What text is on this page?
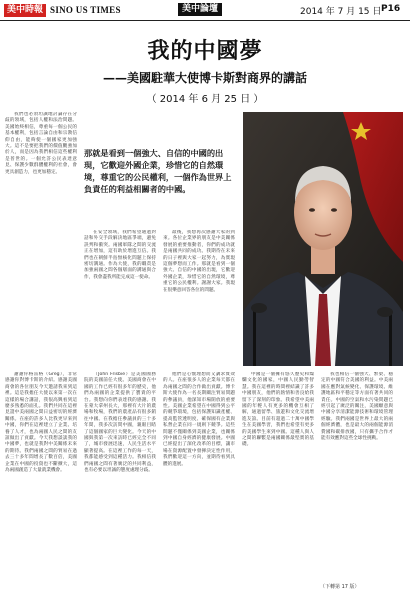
美中時報 SINO US TIMES	美中論壇	2014 年 7 月 15 日 P16
我的中國夢
——美國駐華大使博卡斯對商界的講話
（ 2014 年 6 月 25 日 ）
那就是看到一個強大、自信的中國的出現，它歡迎外國企業，珍惜它的自然環境，尊重它的公民權利，一個作為世界上負責任的利益相關者的中國。

謝謝你格雷格（Greg），非常感謝你對博卡斯的介紹。感謝美國商會的各位朋友今天邀請我來到這裡。這是我擔任大使以來第一次在這樣的場合講話，我很高興看到這麼多熟悉的面孔。我們共同在這裡見證中美兩國之間日益密切的經濟關係。在座的許多人比我更早來到中國，你們在這裡建立了企業、培養了人才，也為兩國人民之間的友誼做出了貢獻。今天我想談談我的中國夢，也就是我對中美關係未來的期待。我們兩國之間的貿易在過去三十多年間增長了數百倍，美國企業在中國的投資也不斷擴大，這為兩國創造了大量就業機會。

（John Frisbie）是美國國務院的美國前任大使。美國商會在中國的工作已經有很多年的歷史，他們為兩國的企業提供了寶貴的平台。我想向你們表達我的感謝。我在蒙大拿州長大，那裡有大片的農場和牧場，我們的農產品有很多銷往中國。在我擔任參議員的三十多年間，我多次訪問中國，親眼目睹了這個國家的巨大變化。今天的中國與我第一次來訪時已經完全不同了，城市發展迅速，人民生活水平顯著提高。在這裡工作的每一天，我都能感受到這種活力。我相信我們兩國之間有著廣泛的共同利益，也有必要以坦誠的態度處理分歧。

他們是心懷理想而又講求實效的人。在座很多人的企業每天都在為兩國之間的合作做出貢獻。博卡斯大使作為一名長期關注貿易問題的參議員，他深知市場開放的重要性。美國企業希望在中國得到公平的競爭環境，包括保護知識產權、提高監管透明度、確保國有企業與私營企業在同一規則下競爭。這些問題不僅關係到美國企業，也關係到中國自身經濟的健康發展。中國已經提出了深化改革的目標，讓市場在資源配置中發揮決定性作用，我們歡迎這一方向，並期待看到具體的進展。

中國是一個擁有悠久歷史和燦爛文化的國家，中國人民勤勞智慧。我在這裡的時間裡結識了許多中國朋友，他們的熱情和善良給我留下了深刻的印象。我希望中美兩國的年輕人有更多的機會互相了解，通過留學、旅遊和文化交流增進友誼。目前有超過二十萬中國學生在美國學習，我們也希望有更多的美國學生來到中國。這種人與人之間的聯繫是兩國關係最堅實的基礎。

我也相信一個強大、繁榮、穩定的中國符合美國的利益。中美兩國在應對氣候變化、保護環境、維護地區和平穩定等方面有著共同的責任。中國的空氣和水污染問題已經引起了廣泛的關注，美國願意與中國分享清潔能源技術和環境管理經驗。我們兩國是世界上最大的兩個經濟體，也是最大的兩個能源消費國和碳排放國，只有攜手合作才能有效應對這些全球性挑戰。

我們也必須坦誠地討論存在分歧的領域，包括人權和法治問題。美國始終相信，尊重每一個公民的基本權利，包括言論自由和宗教信仰自由，能夠使一個國家更加強大。這不是要把我們的價值觀強加於人，而是因為我們相信這些權利是普世的。一個允許公民表達意見、保護少數群體權利的社會，會更具創造力，也更加穩定。

在安全領域，我們希望通過對話和外交手段解決地區爭端，避免誤判和衝突。兩國軍隊之間的交流正在增加，這有助於增進互信。我們也在朝鮮半島無核化問題上保持密切溝通。作為大使，我的職責是加強兩國之間各個層面的溝通與合作，我會盡我所能完成這一使命。

最後，我想再次感謝大家的到來。各位企業界的朋友是中美關係發展的重要推動者，你們的成功就是兩國共同的成功。我期待在未來的日子裡與大家一起努力，為實現這個夢想而工作。那就是看到一個強大、自信的中國的出現，它歡迎外國企業，珍惜它的自然環境，尊重它的公民權利。謝謝大家。我現在很樂意回答各位的問題。

（下轉第 17 版）
